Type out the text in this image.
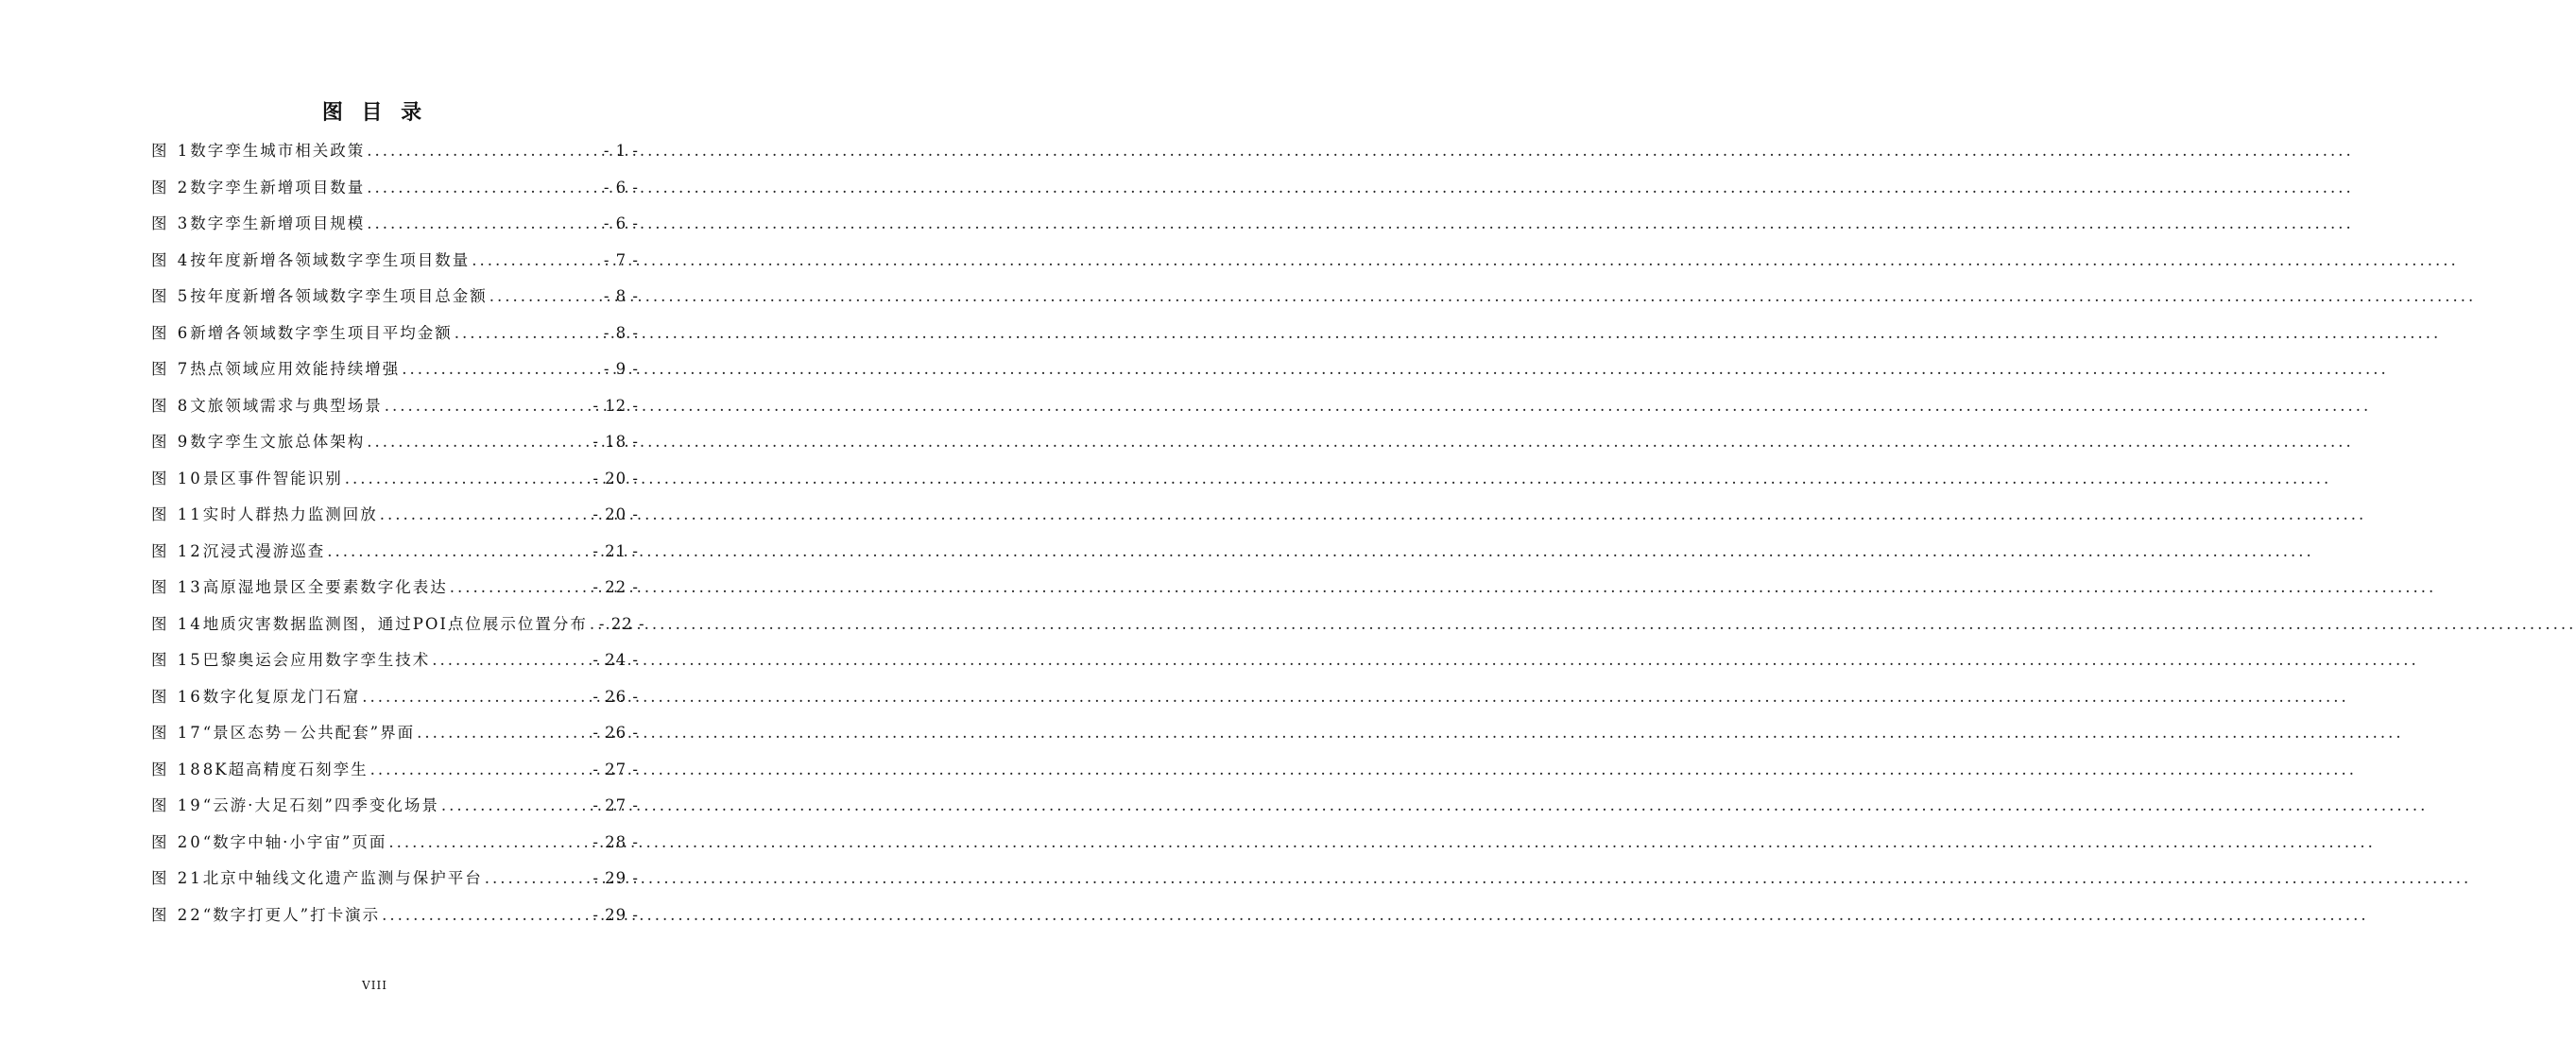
图 目 录
图 1 数字孪生城市相关政策 .....	- 1 -
图 2 数字孪生新增项目数量 .....	- 6 -
图 3 数字孪生新增项目规模 .....	- 6 -
图 4 按年度新增各领域数字孪生项目数量 .....	- 7 -
图 5 按年度新增各领域数字孪生项目总金额 .....	- 8 -
图 6 新增各领域数字孪生项目平均金额 .....	- 8 -
图 7 热点领域应用效能持续增强 .....	- 9 -
图 8 文旅领域需求与典型场景 .....	- 12 -
图 9 数字孪生文旅总体架构 .....	- 18 -
图 10 景区事件智能识别 .....	- 20 -
图 11 实时人群热力监测回放 .....	- 20 -
图 12 沉浸式漫游巡查 .....	- 21 -
图 13 高原湿地景区全要素数字化表达 .....	- 22 -
图 14 地质灾害数据监测图，通过POI点位展示位置分布 ..... - 22 -
图 15 巴黎奥运会应用数字孪生技术 .....	- 24 -
图 16 数字化复原龙门石窟 .....	- 26 -
图 17 “景区态势－公共配套”界面 .....	- 26 -
图 18 8K超高精度石刻孪生 .....	- 27 -
图 19 “云游·大足石刻”四季变化场景 .....	- 27 -
图 20 “数字中轴·小宇宙”页面 .....	- 28 -
图 21 北京中轴线文化遗产监测与保护平台 .....	- 29 -
图 22 “数字打更人”打卡演示 .....	- 29 -
VIII
